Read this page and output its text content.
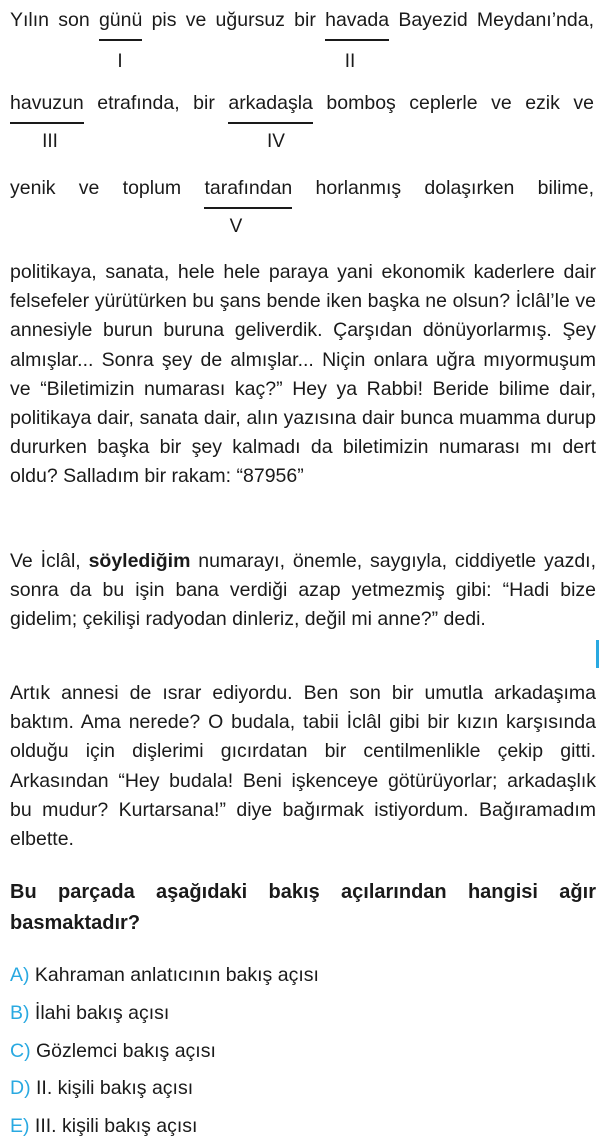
Yılın son günü pis ve uğursuz bir havada Bayezid Meydanı’nda,
I	II
havuzun etrafında, bir arkadaşla bomboş ceplerle ve ezik ve
III	IV
yenik ve toplum tarafından horlanmış dolaşırken bilime,
V
politikaya, sanata, hele hele paraya yani ekonomik kaderlere dair felsefeler yürütürken bu şans bende iken başka ne olsun? İclâl’le ve annesiyle burun buruna geliverdik. Çarşıdan dönüyorlarmış. Şey almışlar... Sonra şey de almışlar... Niçin onlara uğra mıyormuşum ve “Biletimizin numarası kaç?” Hey ya Rabbi! Beride bilime dair, politikaya dair, sanata dair, alın yazısına dair bunca muamma durup dururken başka bir şey kalmadı da biletimizin numarası mı dert oldu? Salladım bir rakam: “87956”
Ve İclâl, söylediğim numarayı, önemle, saygıyla, ciddiyetle yazdı, sonra da bu işin bana verdiği azap yetmezmiş gibi: “Hadi bize gidelim; çekilişi radyodan dinleriz, değil mi anne?” dedi.
Artık annesi de ısrar ediyordu. Ben son bir umutla arkadaşıma baktım. Ama nerede? O budala, tabii İclâl gibi bir kızın karşısında olduğu için dişlerimi gıcırdatan bir centilmenlikle çekip gitti. Arkasından “Hey budala! Beni işkenceye götürüyorlar; arkadaşlık bu mudur? Kurtarsana!” diye bağırmak istiyordum. Bağıramadım elbette.
Bu parçada aşağıdaki bakış açılarından hangisi ağır basmaktadır?
A) Kahraman anlatıcının bakış açısı
B) İlahi bakış açısı
C) Gözlemci bakış açısı
D) II. kişili bakış açısı
E) III. kişili bakış açısı
